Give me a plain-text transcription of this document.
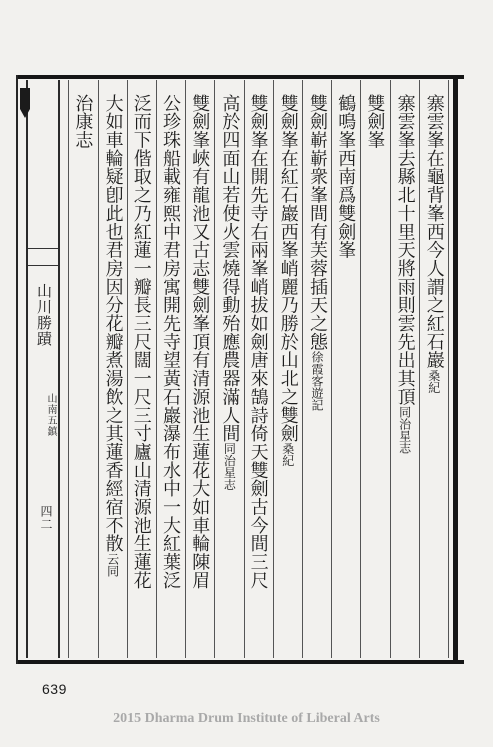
山川勝蹟
山南五鎮
四二
寨雲峯在龜背峯西今人謂之紅石巖桑紀
寨雲峯去縣北十里天將雨則雲先出其頂同治星志
雙劍峯
鶴鳴峯西南爲雙劍峯
雙劍嶄嶄衆峯間有芙蓉插天之態徐霞客遊記
雙劍峯在紅石巖西峯峭麗乃勝於山北之雙劍桑紀
雙劍峯在開先寺右兩峯峭拔如劍唐來鵠詩倚天雙劍古今間三尺
高於四面山若使火雲燒得動殆應農器滿人間同治星志
雙劍峯峽有龍池又古志雙劍峯頂有清源池生蓮花大如車輪陳眉
公珍珠船載雍熙中君房寓開先寺望黃石巖瀑布水中一大紅葉泛
泛而下偕取之乃紅蓮一瓣長三尺闊一尺三寸廬山清源池生蓮花
大如車輪疑卽此也君房因分花瓣煮湯飲之其蓮香經宿不散云同
治康志
639
2015 Dharma Drum Institute of Liberal Arts
